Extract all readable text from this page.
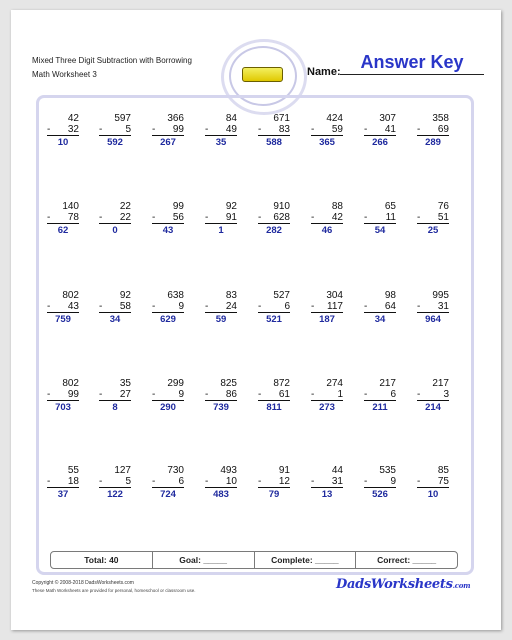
Mixed Three Digit Subtraction with Borrowing
Math Worksheet 3	Name:	Answer Key
42
- 32
10
597
- 5
592
366
- 99
267
84
- 49
35
671
- 83
588
424
- 59
365
307
- 41
266
358
- 69
289
140
- 78
62
22
- 22
0
99
- 56
43
92
- 91
1
910
- 628
282
88
- 42
46
65
- 11
54
76
- 51
25
802
- 43
759
92
- 58
34
638
- 9
629
83
- 24
59
527
- 6
521
304
- 117
187
98
- 64
34
995
- 31
964
802
- 99
703
35
- 27
8
299
- 9
290
825
- 86
739
872
- 61
811
274
- 1
273
217
- 6
211
217
- 3
214
55
- 18
37
127
- 5
122
730
- 6
724
493
- 10
483
91
- 12
79
44
- 31
13
535
- 9
526
85
- 75
10
Total: 40	Goal: _____	Complete: _____	Correct: _____
Copyright © 2008-2018 DadsWorksheets.com
These Math Worksheets are provided for personal, homeschool or classroom use.	DadsWorksheets.com
